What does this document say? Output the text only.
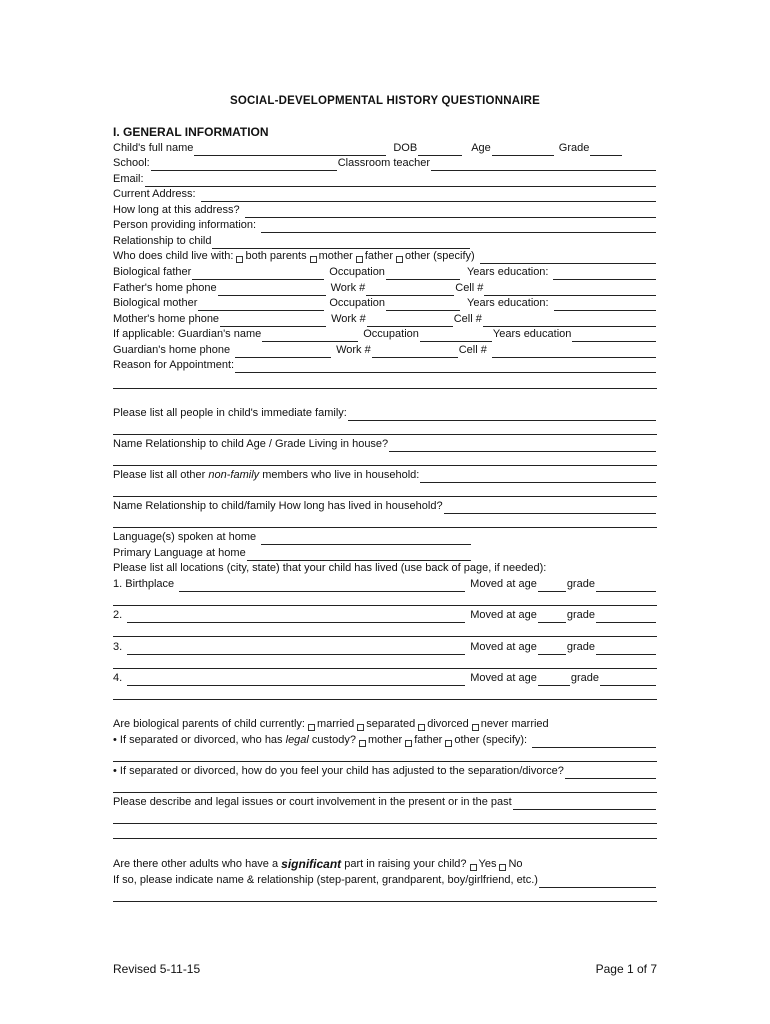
SOCIAL-DEVELOPMENTAL HISTORY QUESTIONNAIRE
I. GENERAL INFORMATION
Child's full name	DOB	Age	Grade
School:	Classroom teacher
Email:
Current Address:
How long at this address?
Person providing information:
Relationship to child
Who does child live with: both parents mother father other (specify)
Biological father	Occupation	Years education:
Father's home phone	Work #	Cell #
Biological mother	Occupation	Years education:
Mother's home phone	Work #	Cell #
If applicable: Guardian's name	Occupation	Years education
Guardian's home phone	Work #	Cell #
Reason for Appointment:
Please list all people in child's immediate family:
Name Relationship to child Age / Grade Living in house?
Please list all other non-family members who live in household:
Name Relationship to child/family How long has lived in household?
Language(s) spoken at home
Primary Language at home
Please list all locations (city, state) that your child has lived (use back of page, if needed):
1. Birthplace	Moved at age	grade
2.	Moved at age	grade
3.	Moved at age	grade
4.	Moved at age	grade
Are biological parents of child currently: married separated divorced never married
• If separated or divorced, who has legal custody? mother father other (specify):
• If separated or divorced, how do you feel your child has adjusted to the separation/divorce?
Please describe and legal issues or court involvement in the present or in the past
Are there other adults who have a significant part in raising your child? Yes No
If so, please indicate name & relationship (step-parent, grandparent, boy/girlfriend, etc.)
Revised 5-11-15	Page 1 of 7
